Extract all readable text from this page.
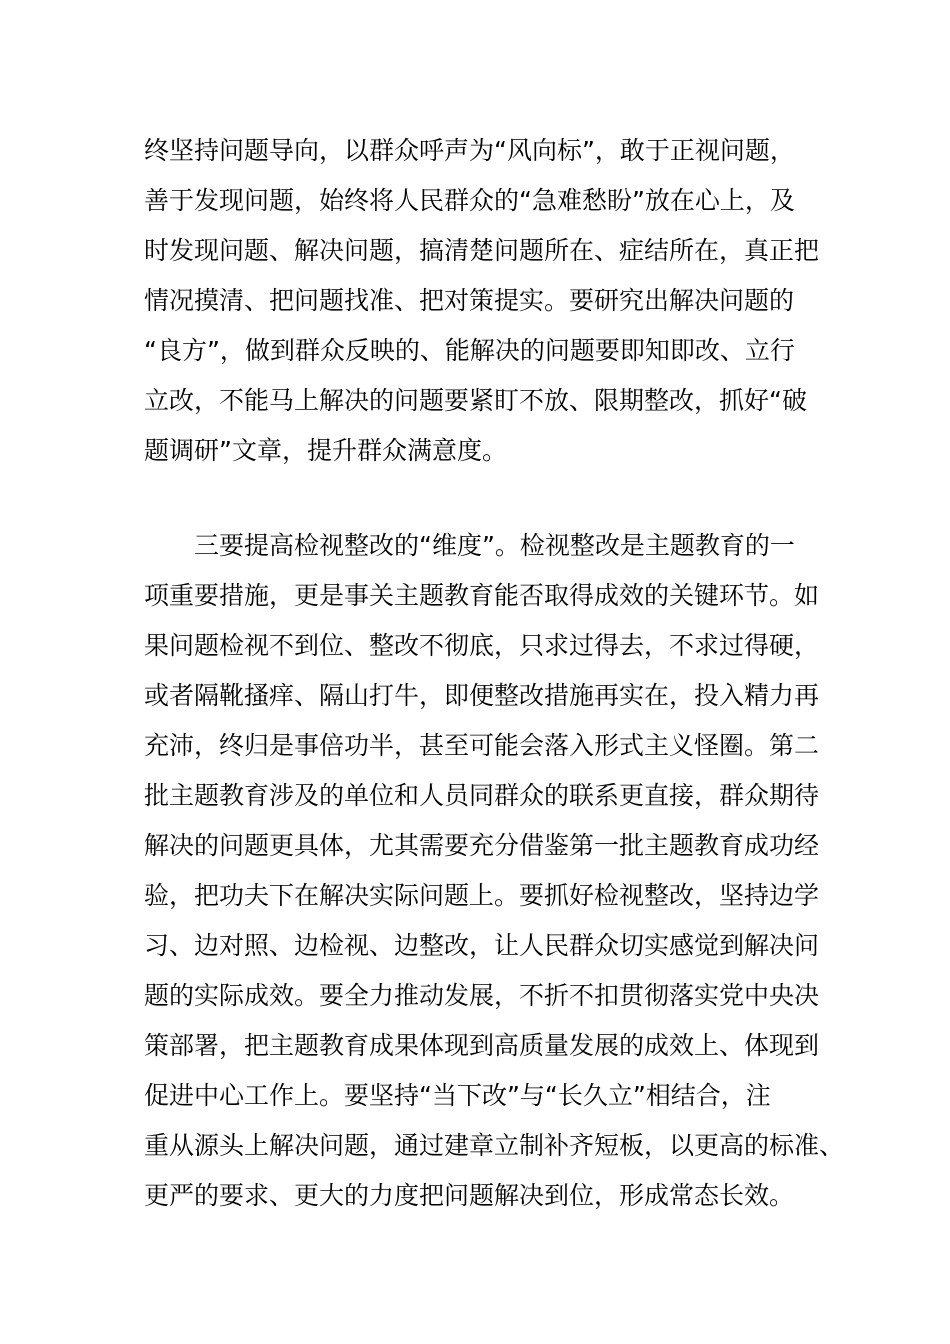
终坚持问题导向，以群众呼声为“风向标”，敢于正视问题，
善于发现问题，始终将人民群众的“急难愁盼”放在心上，及
时发现问题、解决问题，搞清楚问题所在、症结所在，真正把
情况摸清、把问题找准、把对策提实。要研究出解决问题的
“良方”，做到群众反映的、能解决的问题要即知即改、立行
立改，不能马上解决的问题要紧盯不放、限期整改，抓好“破
题调研”文章，提升群众满意度。
　　三要提高检视整改的“维度”。检视整改是主题教育的一
项重要措施，更是事关主题教育能否取得成效的关键环节。如
果问题检视不到位、整改不彻底，只求过得去，不求过得硬，
或者隔靴搔痒、隔山打牛，即便整改措施再实在，投入精力再
充沛，终归是事倍功半，甚至可能会落入形式主义怪圈。第二
批主题教育涉及的单位和人员同群众的联系更直接，群众期待
解决的问题更具体，尤其需要充分借鉴第一批主题教育成功经
验，把功夫下在解决实际问题上。要抓好检视整改，坚持边学
习、边对照、边检视、边整改，让人民群众切实感觉到解决问
题的实际成效。要全力推动发展，不折不扣贯彻落实党中央决
策部署，把主题教育成果体现到高质量发展的成效上、体现到
促进中心工作上。要坚持“当下改”与“长久立”相结合，注
重从源头上解决问题，通过建章立制补齐短板，以更高的标准、
更严的要求、更大的力度把问题解决到位，形成常态长效。
